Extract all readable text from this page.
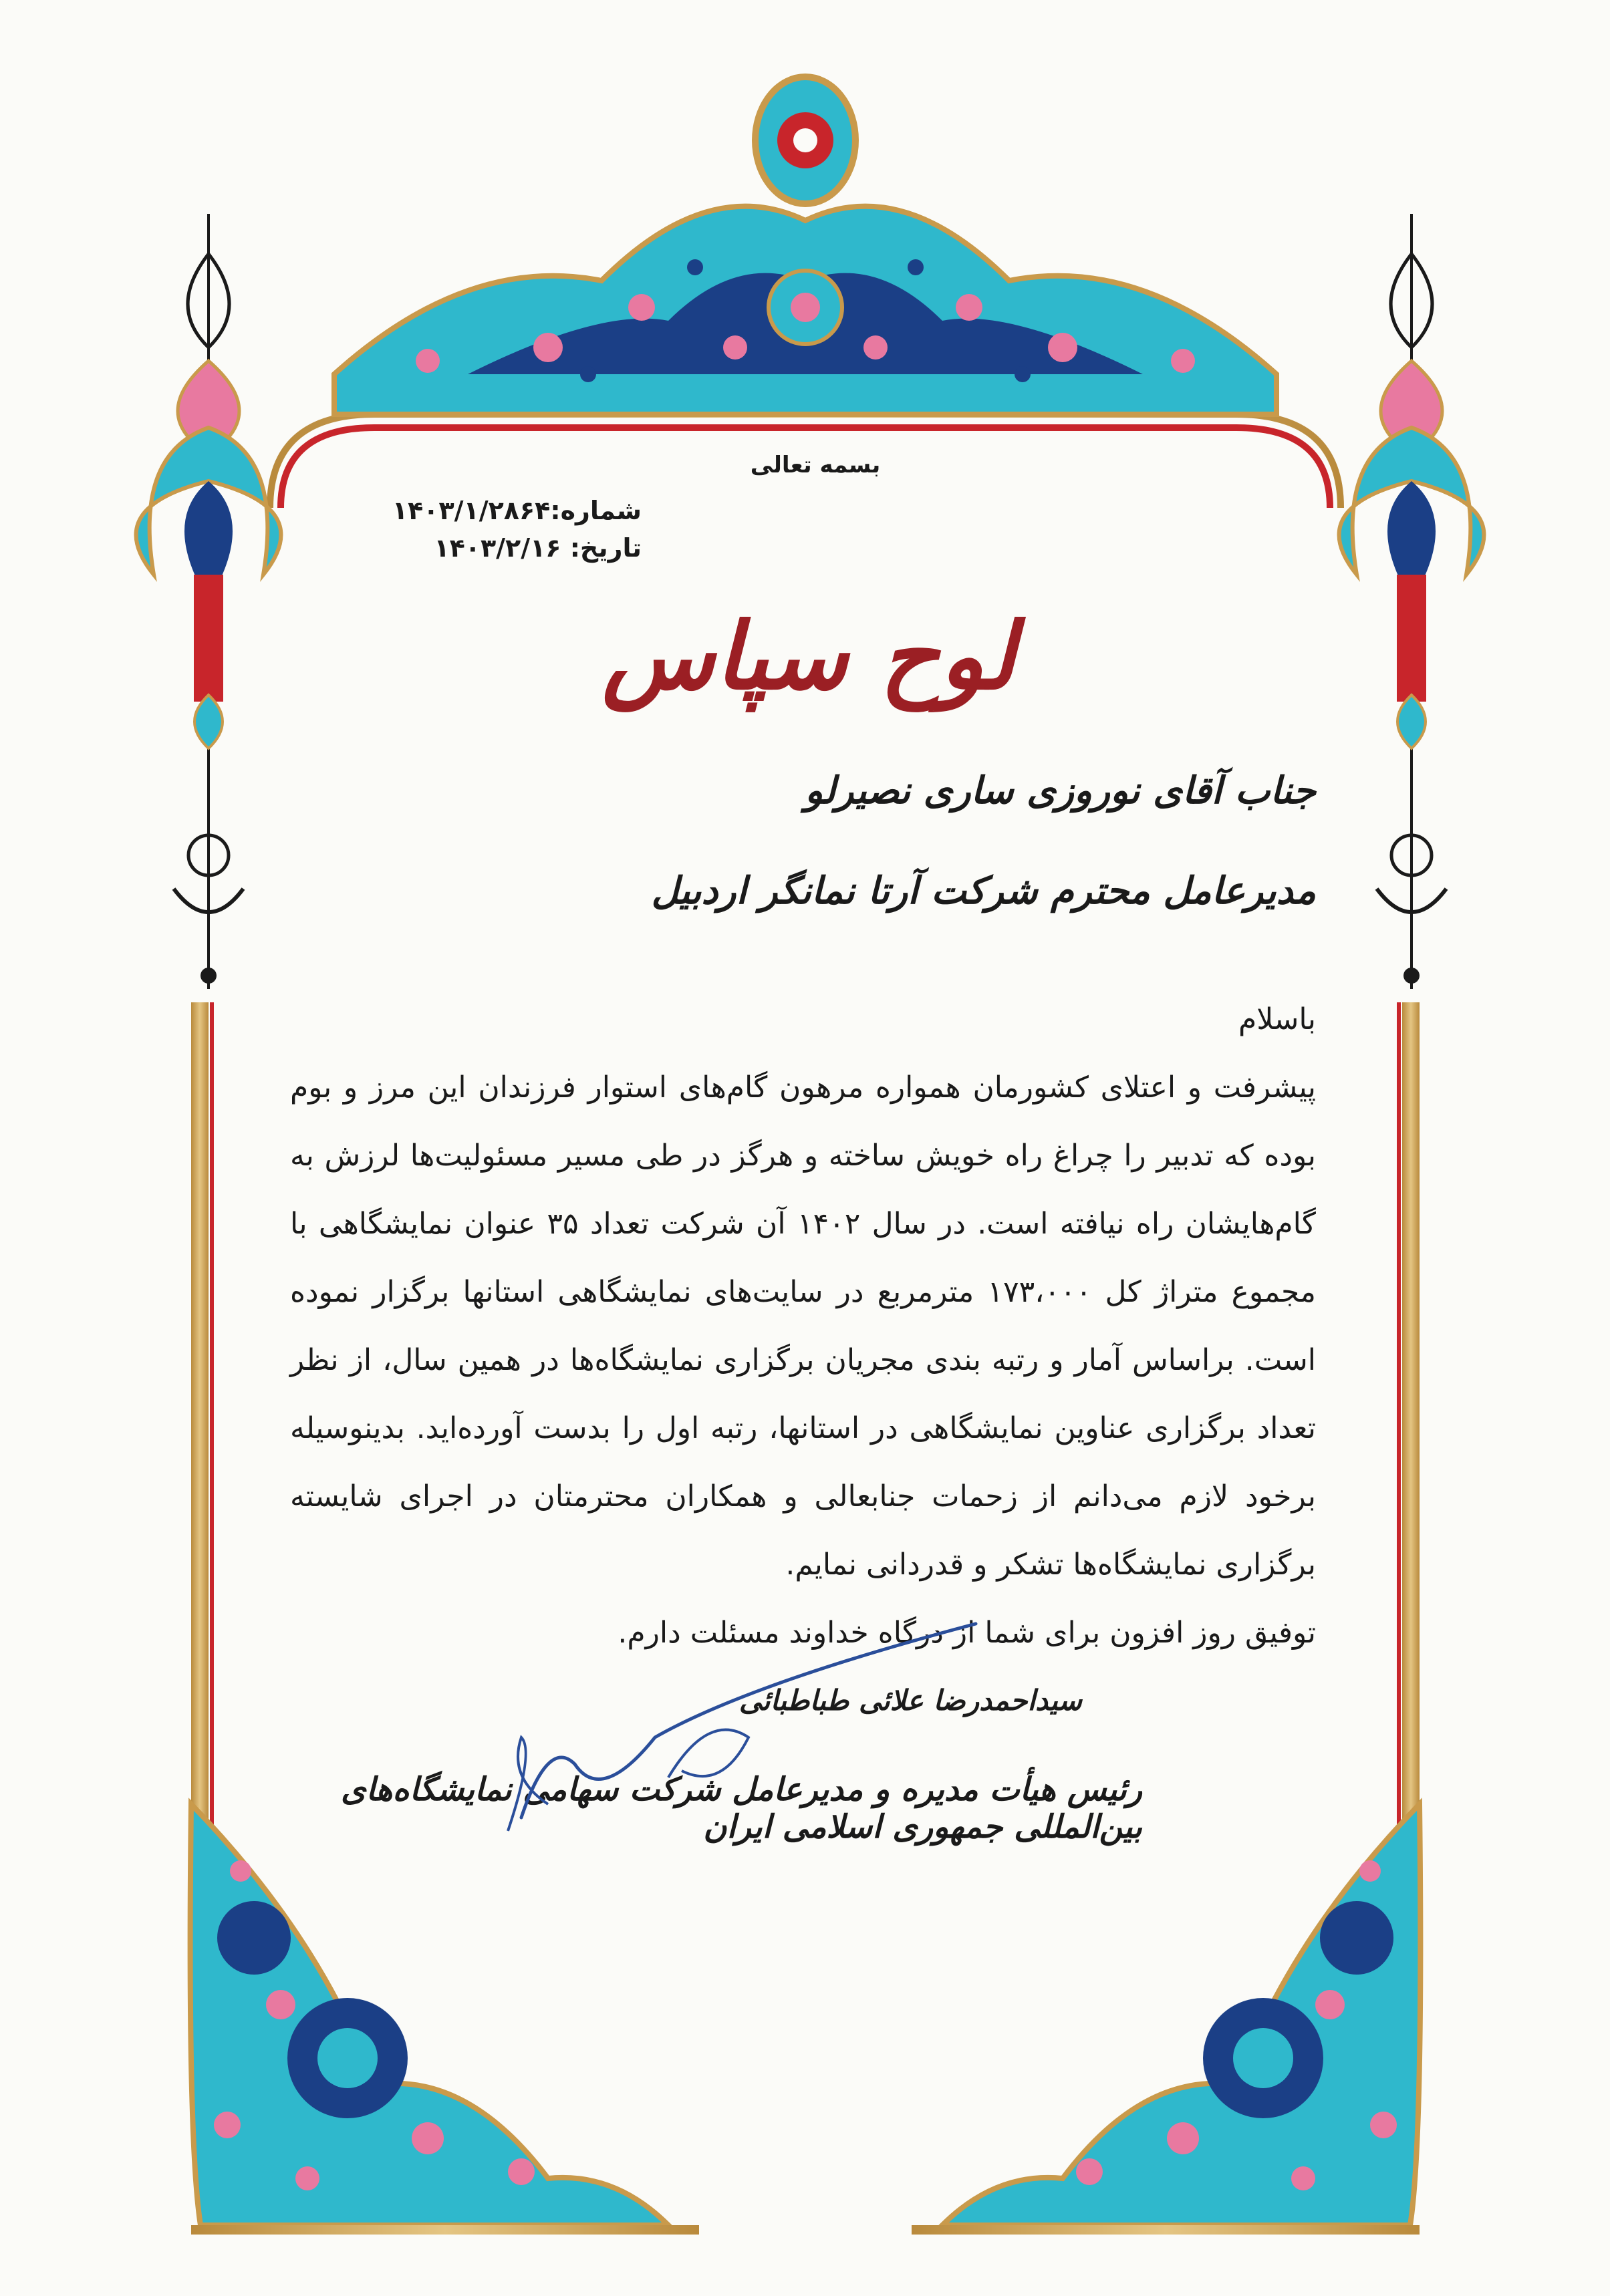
بسمه تعالی
شماره:۱۴۰۳/۱/۲۸۶۴
تاریخ: ۱۴۰۳/۲/۱۶
لوح سپاس
جناب آقای نوروزی ساری نصیرلو
مدیرعامل محترم شرکت آرتا نمانگر اردبیل

باسلام

پیشرفت و اعتلای کشورمان همواره مرهون گام‌های استوار فرزندان این مرز و بوم بوده که تدبیر را چراغ راه خویش ساخته و هرگز در طی مسیر مسئولیت‌ها لرزش به گام‌هایشان راه نیافته است. در سال ۱۴۰۲ آن شرکت تعداد ۳۵ عنوان نمایشگاهی با مجموع متراژ کل ۱۷۳،۰۰۰ مترمربع در سایت‌های نمایشگاهی استانها برگزار نموده است. براساس آمار و رتبه بندی مجریان برگزاری نمایشگاه‌ها در همین سال، از نظر تعداد برگزاری عناوین نمایشگاهی در استانها، رتبه اول را بدست آورده‌اید. بدینوسیله برخود لازم می‌دانم از زحمات جنابعالی و همکاران محترمتان در اجرای شایسته برگزاری نمایشگاه‌ها تشکر و قدردانی نمایم.

توفیق روز افزون برای شما از درگاه خداوند مسئلت دارم.

سیداحمدرضا علائی طباطبائی
رئیس هیأت مدیره و مدیرعامل شرکت سهامی نمایشگاه‌های بین‌المللی جمهوری اسلامی ایران
